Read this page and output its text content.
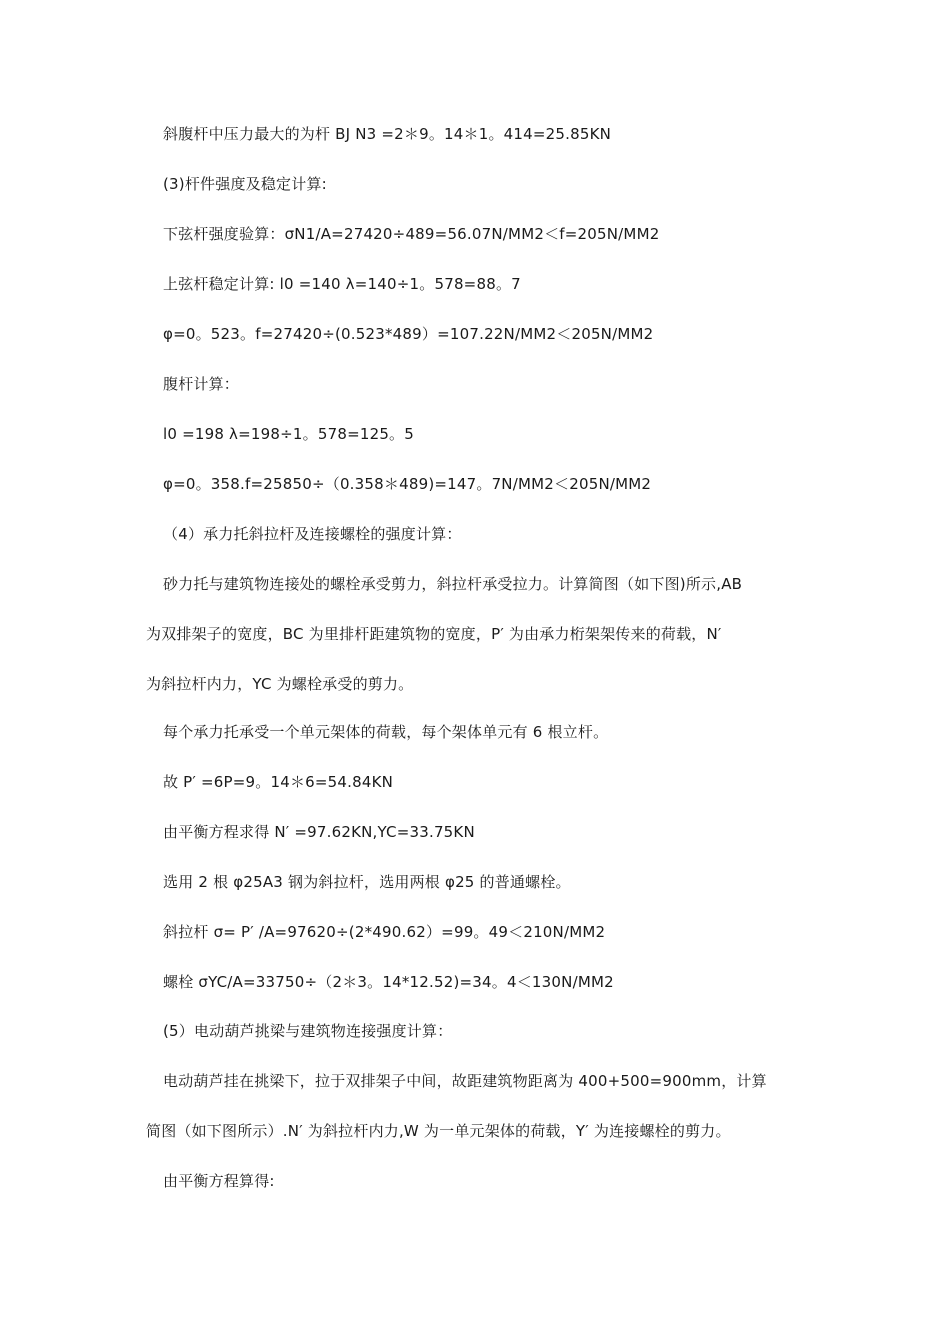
斜腹杆中压力最大的为杆 BJ N3 =2＊9。14＊1。414=25.85KN
(3)杆件强度及稳定计算:
下弦杆强度验算：σN1/A=27420÷489=56.07N/MM2＜f=205N/MM2
上弦杆稳定计算: l0 =140 λ=140÷1。578=88。7
φ=0。523。f=27420÷(0.523*489）=107.22N/MM2＜205N/MM2
腹杆计算：
l0 =198 λ=198÷1。578=125。5
φ=0。358.f=25850÷（0.358＊489)=147。7N/MM2＜205N/MM2
（4）承力托斜拉杆及连接螺栓的强度计算：
砂力托与建筑物连接处的螺栓承受剪力，斜拉杆承受拉力。计算简图（如下图)所示,AB
为双排架子的宽度，BC 为里排杆距建筑物的宽度，P′ 为由承力桁架架传来的荷载，N′
为斜拉杆内力，YC 为螺栓承受的剪力。
每个承力托承受一个单元架体的荷载，每个架体单元有 6 根立杆。
故 P′ =6P=9。14＊6=54.84KN
由平衡方程求得 N′ =97.62KN,YC=33.75KN
选用 2 根 φ25A3 钢为斜拉杆，选用两根 φ25 的普通螺栓。
斜拉杆 σ= P′ /A=97620÷(2*490.62）=99。49＜210N/MM2
螺栓 σYC/A=33750÷（2＊3。14*12.52)=34。4＜130N/MM2
(5）电动葫芦挑梁与建筑物连接强度计算：
电动葫芦挂在挑梁下，拉于双排架子中间，故距建筑物距离为 400+500=900mm，计算
简图（如下图所示）.N′ 为斜拉杆内力,W 为一单元架体的荷载，Y′ 为连接螺栓的剪力。
由平衡方程算得:
